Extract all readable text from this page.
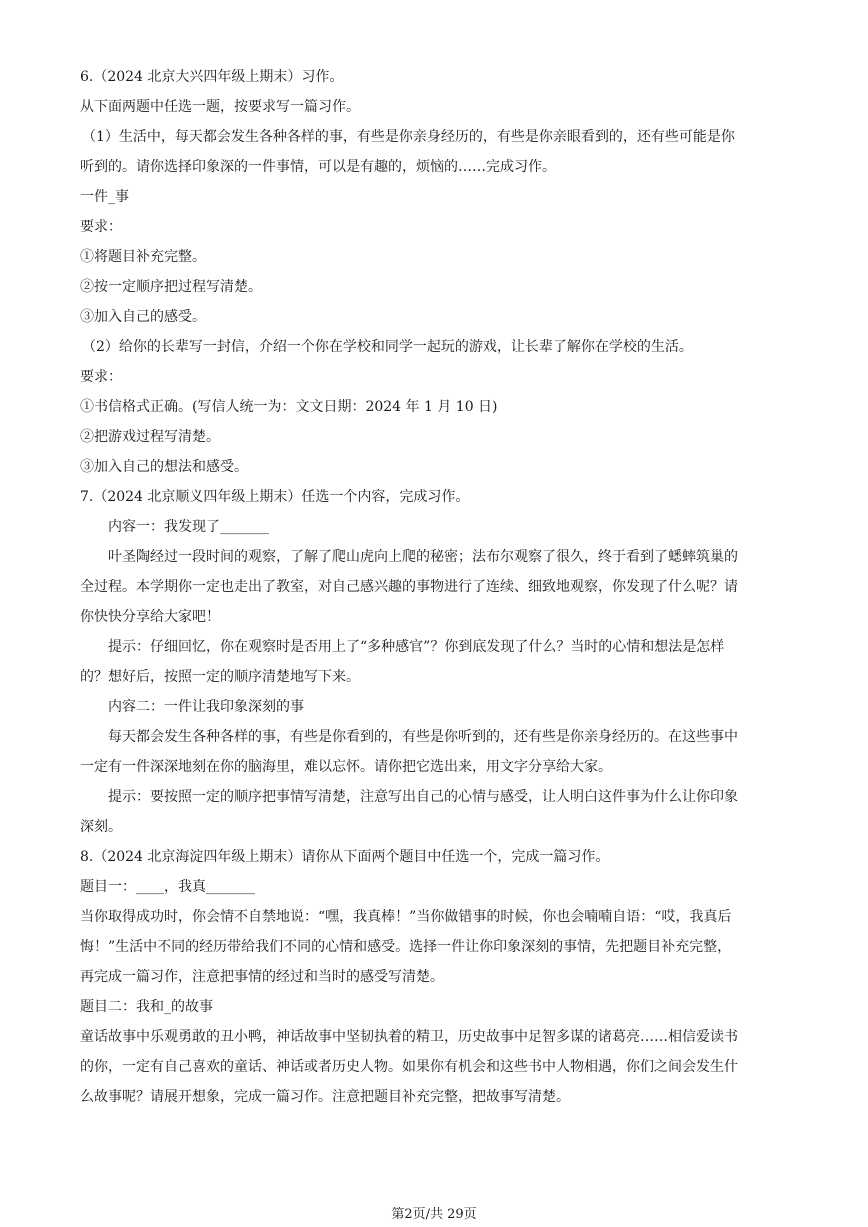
6.（2024 北京大兴四年级上期末）习作。
从下面两题中任选一题，按要求写一篇习作。
（1）生活中，每天都会发生各种各样的事，有些是你亲身经历的，有些是你亲眼看到的，还有些可能是你
听到的。请你选择印象深的一件事情，可以是有趣的，烦恼的……完成习作。
一件_事
要求：
①将题目补充完整。
②按一定顺序把过程写清楚。
③加入自己的感受。
（2）给你的长辈写一封信，介绍一个你在学校和同学一起玩的游戏，让长辈了解你在学校的生活。
要求：
①书信格式正确。(写信人统一为：文文日期：2024 年 1 月 10 日)
②把游戏过程写清楚。
③加入自己的想法和感受。
7.（2024 北京顺义四年级上期末）任选一个内容，完成习作。
内容一：我发现了_______
叶圣陶经过一段时间的观察，了解了爬山虎向上爬的秘密；法布尔观察了很久，终于看到了蟋蟀筑巢的
全过程。本学期你一定也走出了教室，对自己感兴趣的事物进行了连续、细致地观察，你发现了什么呢？请
你快快分享给大家吧！
提示：仔细回忆，你在观察时是否用上了“多种感官”？你到底发现了什么？当时的心情和想法是怎样
的？想好后，按照一定的顺序清楚地写下来。
内容二：一件让我印象深刻的事
每天都会发生各种各样的事，有些是你看到的，有些是你听到的，还有些是你亲身经历的。在这些事中
一定有一件深深地刻在你的脑海里，难以忘怀。请你把它选出来，用文字分享给大家。
提示：要按照一定的顺序把事情写清楚，注意写出自己的心情与感受，让人明白这件事为什么让你印象
深刻。
8.（2024 北京海淀四年级上期末）请你从下面两个题目中任选一个，完成一篇习作。
题目一：____，我真_______
当你取得成功时，你会情不自禁地说：“嘿，我真棒！”当你做错事的时候，你也会喃喃自语：“哎，我真后
悔！”生活中不同的经历带给我们不同的心情和感受。选择一件让你印象深刻的事情，先把题目补充完整，
再完成一篇习作，注意把事情的经过和当时的感受写清楚。
题目二：我和_的故事
童话故事中乐观勇敢的丑小鸭，神话故事中坚韧执着的精卫，历史故事中足智多谋的诸葛亮……相信爱读书
的你，一定有自己喜欢的童话、神话或者历史人物。如果你有机会和这些书中人物相遇，你们之间会发生什
么故事呢？请展开想象，完成一篇习作。注意把题目补充完整，把故事写清楚。
第2页/共 29页
